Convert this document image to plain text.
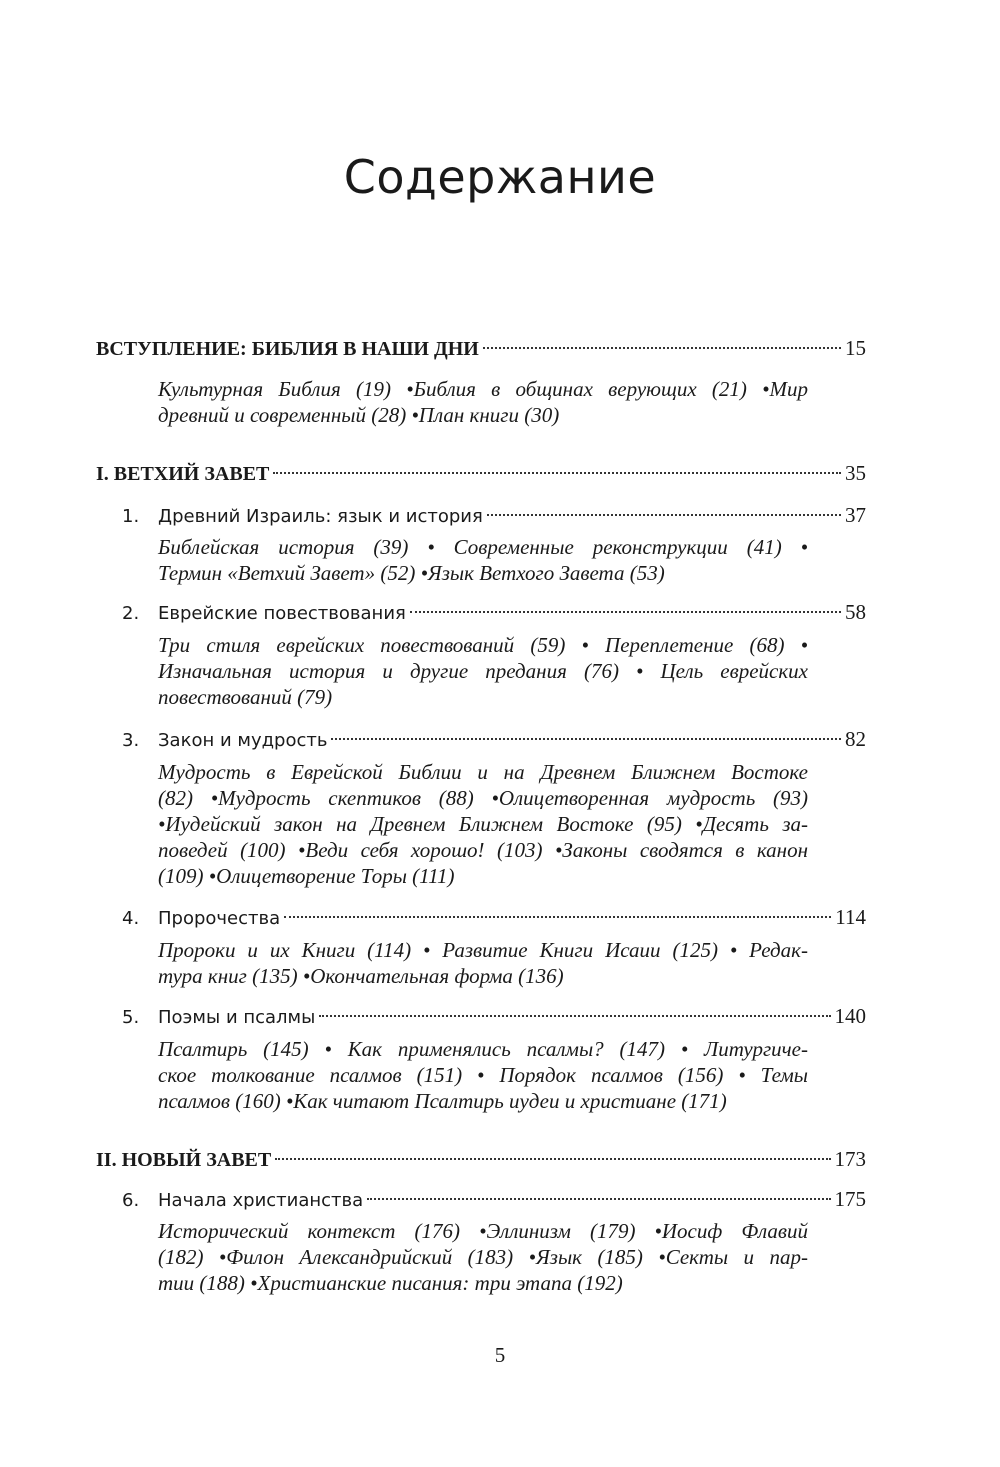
Содержание
ВСТУПЛЕНИЕ: БИБЛИЯ В НАШИ ДНИ	15
Культурная Библия (19) •Библия в общинах верующих (21) •Мир
древний и современный (28) •План книги (30)
I. ВЕТХИЙ ЗАВЕТ	35
1.	Древний Израиль: язык и история	37
Библейская история (39) • Современные реконструкции (41) •
Термин «Ветхий Завет» (52) •Язык Ветхого Завета (53)
2.	Еврейские повествования	58
Три стиля еврейских повествований (59) • Переплетение (68) •
Изначальная история и другие предания (76) • Цель еврейских
повествований (79)
3.	Закон и мудрость	82
Мудрость в Еврейской Библии и на Древнем Ближнем Востоке
(82) •Мудрость скептиков (88) •Олицетворенная мудрость (93)
•Иудейский закон на Древнем Ближнем Востоке (95) •Десять за-
поведей (100) •Веди себя хорошо! (103) •Законы сводятся в канон
(109) •Олицетворение Торы (111)
4.	Пророчества	114
Пророки и их Книги (114) • Развитие Книги Исаии (125) • Редак-
тура книг (135) •Окончательная форма (136)
5.	Поэмы и псалмы	140
Псалтирь (145) • Как применялись псалмы? (147) • Литургиче-
ское толкование псалмов (151) • Порядок псалмов (156) • Темы
псалмов (160) •Как читают Псалтирь иудеи и христиане (171)
II. НОВЫЙ ЗАВЕТ	173
6.	Начала христианства	175
Исторический контекст (176) •Эллинизм (179) •Иосиф Флавий
(182) •Филон Александрийский (183) •Язык (185) •Секты и пар-
тии (188) •Христианские писания: три этапа (192)
5
